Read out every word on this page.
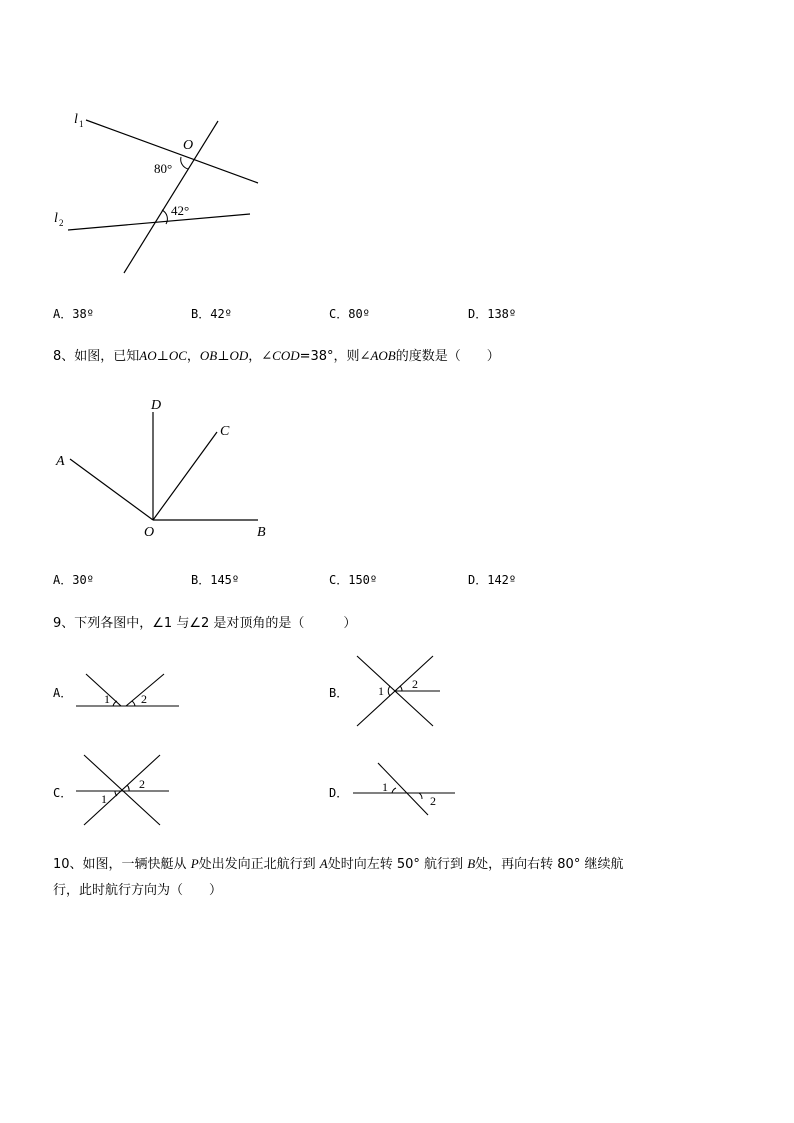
l 1
l 2
O
80°
42°
A．38º	B．42º	C．80º	D．138º
8、如图，已知AO⊥OC，OB⊥OD，∠COD=38°，则∠AOB的度数是（　　）
D
C
A
O	B
A．30º	B．145º	C．150º	D．142º
9、下列各图中，∠1 与∠2 是对顶角的是（　　　）
A．	1	2	B． 1 2
C． 1
2
D．	1
2
10、如图，一辆快艇从 P处出发向正北航行到 A处时向左转 50° 航行到 B处，再向右转 80° 继续航
行，此时航行方向为（　　）
